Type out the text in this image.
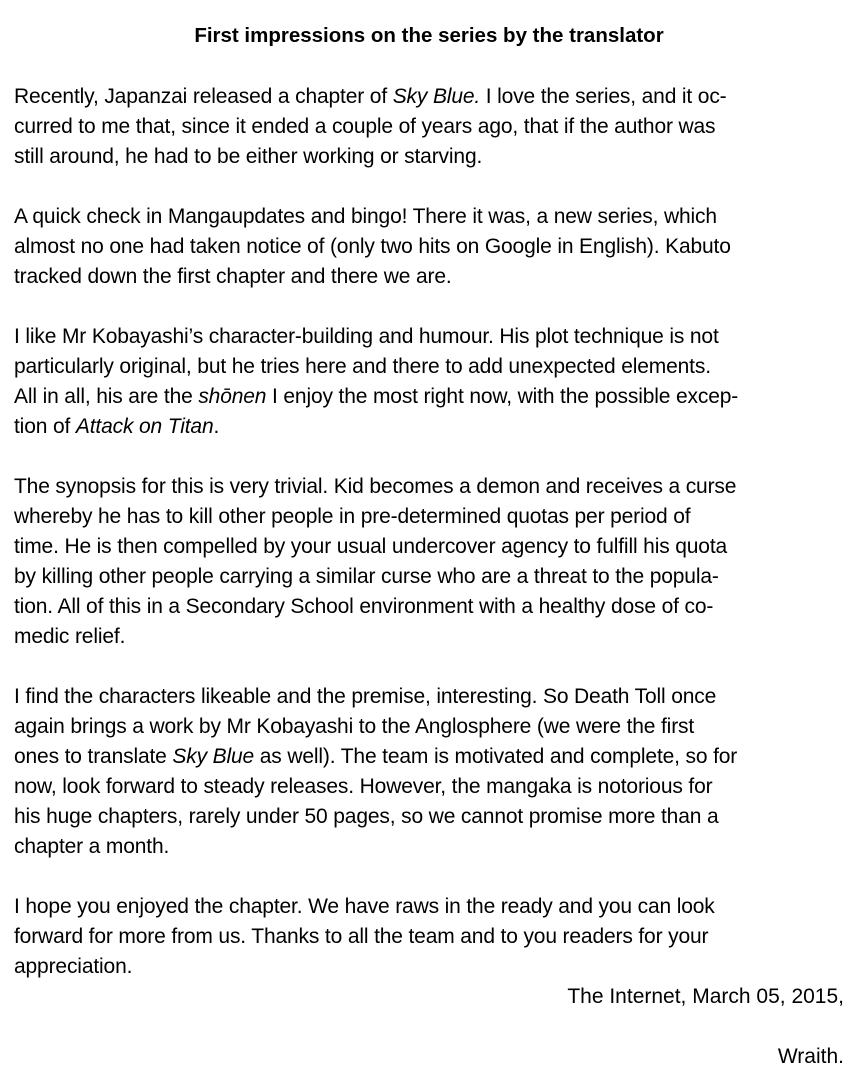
First impressions on the series by the translator
Recently, Japanzai released a chapter of Sky Blue. I love the series, and it oc-
curred to me that, since it ended a couple of years ago, that if the author was
still around, he had to be either working or starving.
A quick check in Mangaupdates and bingo! There it was, a new series, which
almost no one had taken notice of (only two hits on Google in English). Kabuto
tracked down the first chapter and there we are.
I like Mr Kobayashi’s character-building and humour. His plot technique is not
particularly original, but he tries here and there to add unexpected elements.
All in all, his are the shōnen I enjoy the most right now, with the possible excep-
tion of Attack on Titan.
The synopsis for this is very trivial. Kid becomes a demon and receives a curse
whereby he has to kill other people in pre-determined quotas per period of
time. He is then compelled by your usual undercover agency to fulfill his quota
by killing other people carrying a similar curse who are a threat to the popula-
tion. All of this in a Secondary School environment with a healthy dose of co-
medic relief.
I find the characters likeable and the premise, interesting. So Death Toll once
again brings a work by Mr Kobayashi to the Anglosphere (we were the first
ones to translate Sky Blue as well). The team is motivated and complete, so for
now, look forward to steady releases. However, the mangaka is notorious for
his huge chapters, rarely under 50 pages, so we cannot promise more than a
chapter a month.
I hope you enjoyed the chapter. We have raws in the ready and you can look
forward for more from us. Thanks to all the team and to you readers for your
appreciation.
The Internet, March 05, 2015,
Wraith.
